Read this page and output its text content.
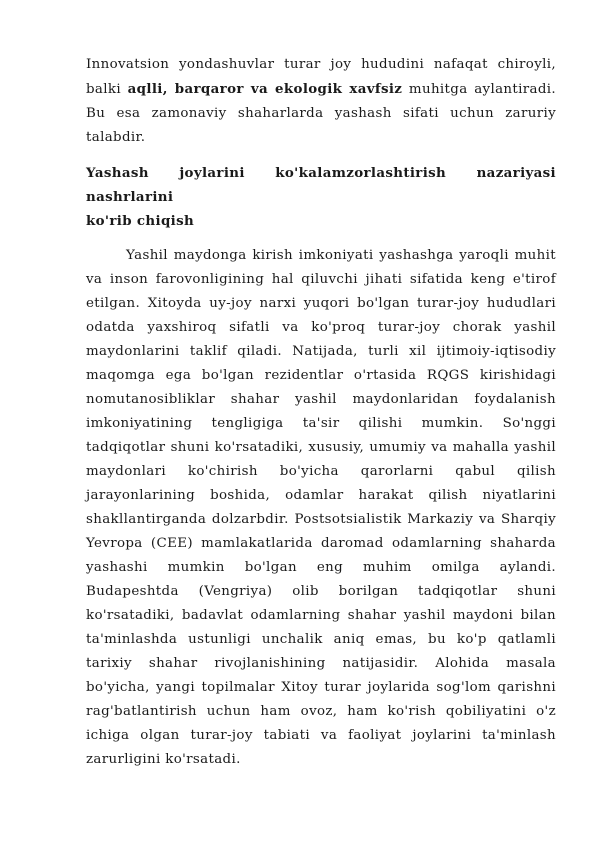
Innovatsion yondashuvlar turar joy hududini nafaqat chiroyli, balki aqlli, barqaror va ekologik xavfsiz muhitga aylantiradi. Bu esa zamonaviy shaharlarda yashash sifati uchun zaruriy talabdir.

Yashash joylarini ko'kalamzorlashtirish nazariyasi nashrlarini
ko'rib chiqish

Yashil maydonga kirish imkoniyati yashashga yaroqli muhit va inson farovonligining hal qiluvchi jihati sifatida keng e'tirof etilgan. Xitoyda uy-joy narxi yuqori bo'lgan turar-joy hududlari odatda yaxshiroq sifatli va ko'proq turar-joy chorak yashil maydonlarini taklif qiladi. Natijada, turli xil ijtimoiy-iqtisodiy maqomga ega bo'lgan rezidentlar o'rtasida RQGS kirishidagi nomutanosibliklar shahar yashil maydonlaridan foydalanish imkoniyatining tengligiga ta'sir qilishi mumkin. So'nggi tadqiqotlar shuni ko'rsatadiki, xususiy, umumiy va mahalla yashil maydonlari ko'chirish bo'yicha qarorlarni qabul qilish jarayonlarining boshida, odamlar harakat qilish niyatlarini shakllantirganda dolzarbdir. Postsotsialistik Markaziy va Sharqiy Yevropa (CEE) mamlakatlarida daromad odamlarning shaharda yashashi mumkin bo'lgan eng muhim omilga aylandi. Budapeshtda (Vengriya) olib borilgan tadqiqotlar shuni ko'rsatadiki, badavlat odamlarning shahar yashil maydoni bilan ta'minlashda ustunligi unchalik aniq emas, bu ko'p qatlamli tarixiy shahar rivojlanishining natijasidir. Alohida masala bo'yicha, yangi topilmalar Xitoy turar joylarida sog'lom qarishni rag'batlantirish uchun ham ovoz, ham ko'rish qobiliyatini o'z ichiga olgan turar-joy tabiati va faoliyat joylarini ta'minlash zarurligini ko'rsatadi.
